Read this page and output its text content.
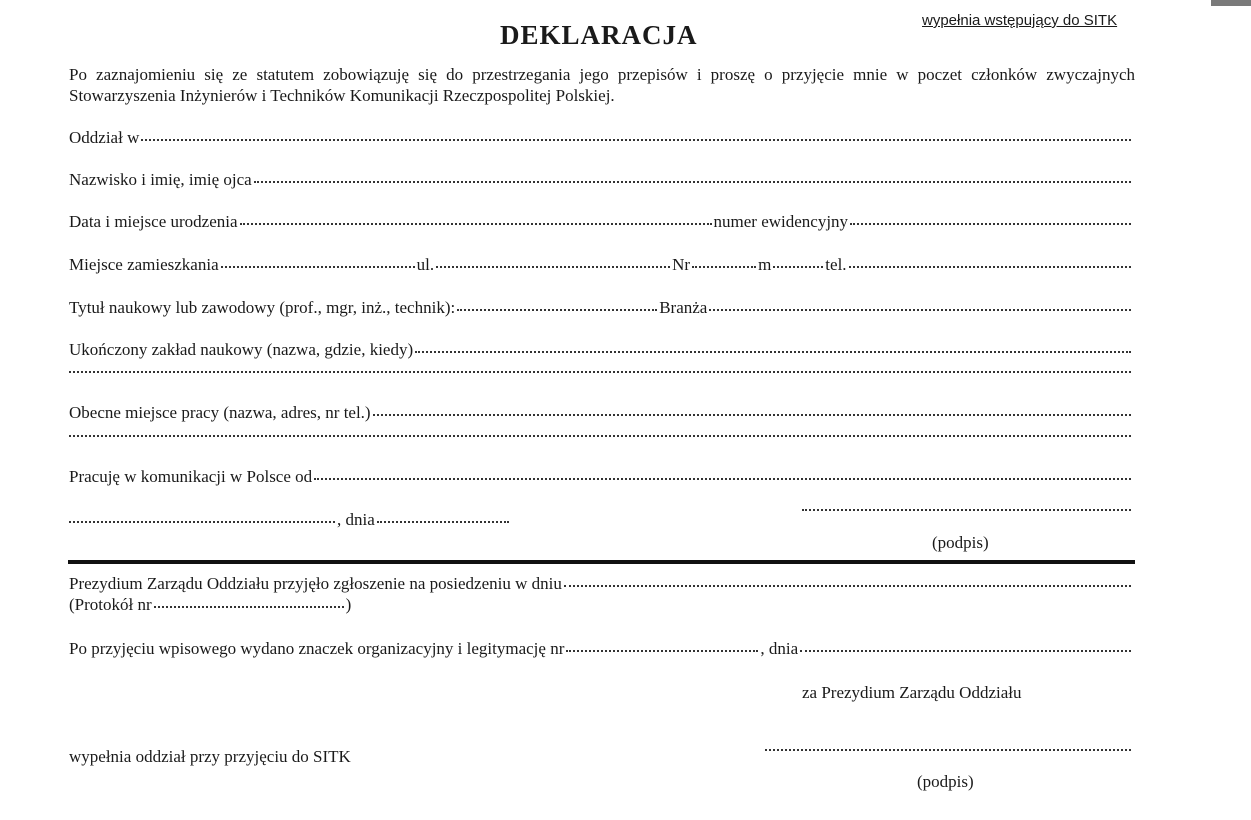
wypełnia wstępujący do SITK
DEKLARACJA
Po zaznajomieniu się ze statutem zobowiązuję się do przestrzegania jego przepisów i proszę o przyjęcie mnie w poczet członków zwyczajnych Stowarzyszenia Inżynierów i Techników Komunikacji Rzeczpospolitej Polskiej.
Oddział w
Nazwisko i imię, imię ojca
Data i miejsce urodzenia	numer ewidencyjny
Miejsce zamieszkania	ul.	Nr	m	tel.
Tytuł naukowy lub zawodowy (prof., mgr, inż., technik):	Branża
Ukończony zakład naukowy (nazwa, gdzie, kiedy)
Obecne miejsce pracy (nazwa, adres, nr tel.)
Pracuję w komunikacji w Polsce od
, dnia
(podpis)
Prezydium Zarządu Oddziału przyjęło zgłoszenie na posiedzeniu w dniu
(Protokół nr	)
Po przyjęciu wpisowego wydano znaczek organizacyjny i legitymację nr	, dnia
za Prezydium Zarządu Oddziału
wypełnia oddział przy przyjęciu do SITK
(podpis)
